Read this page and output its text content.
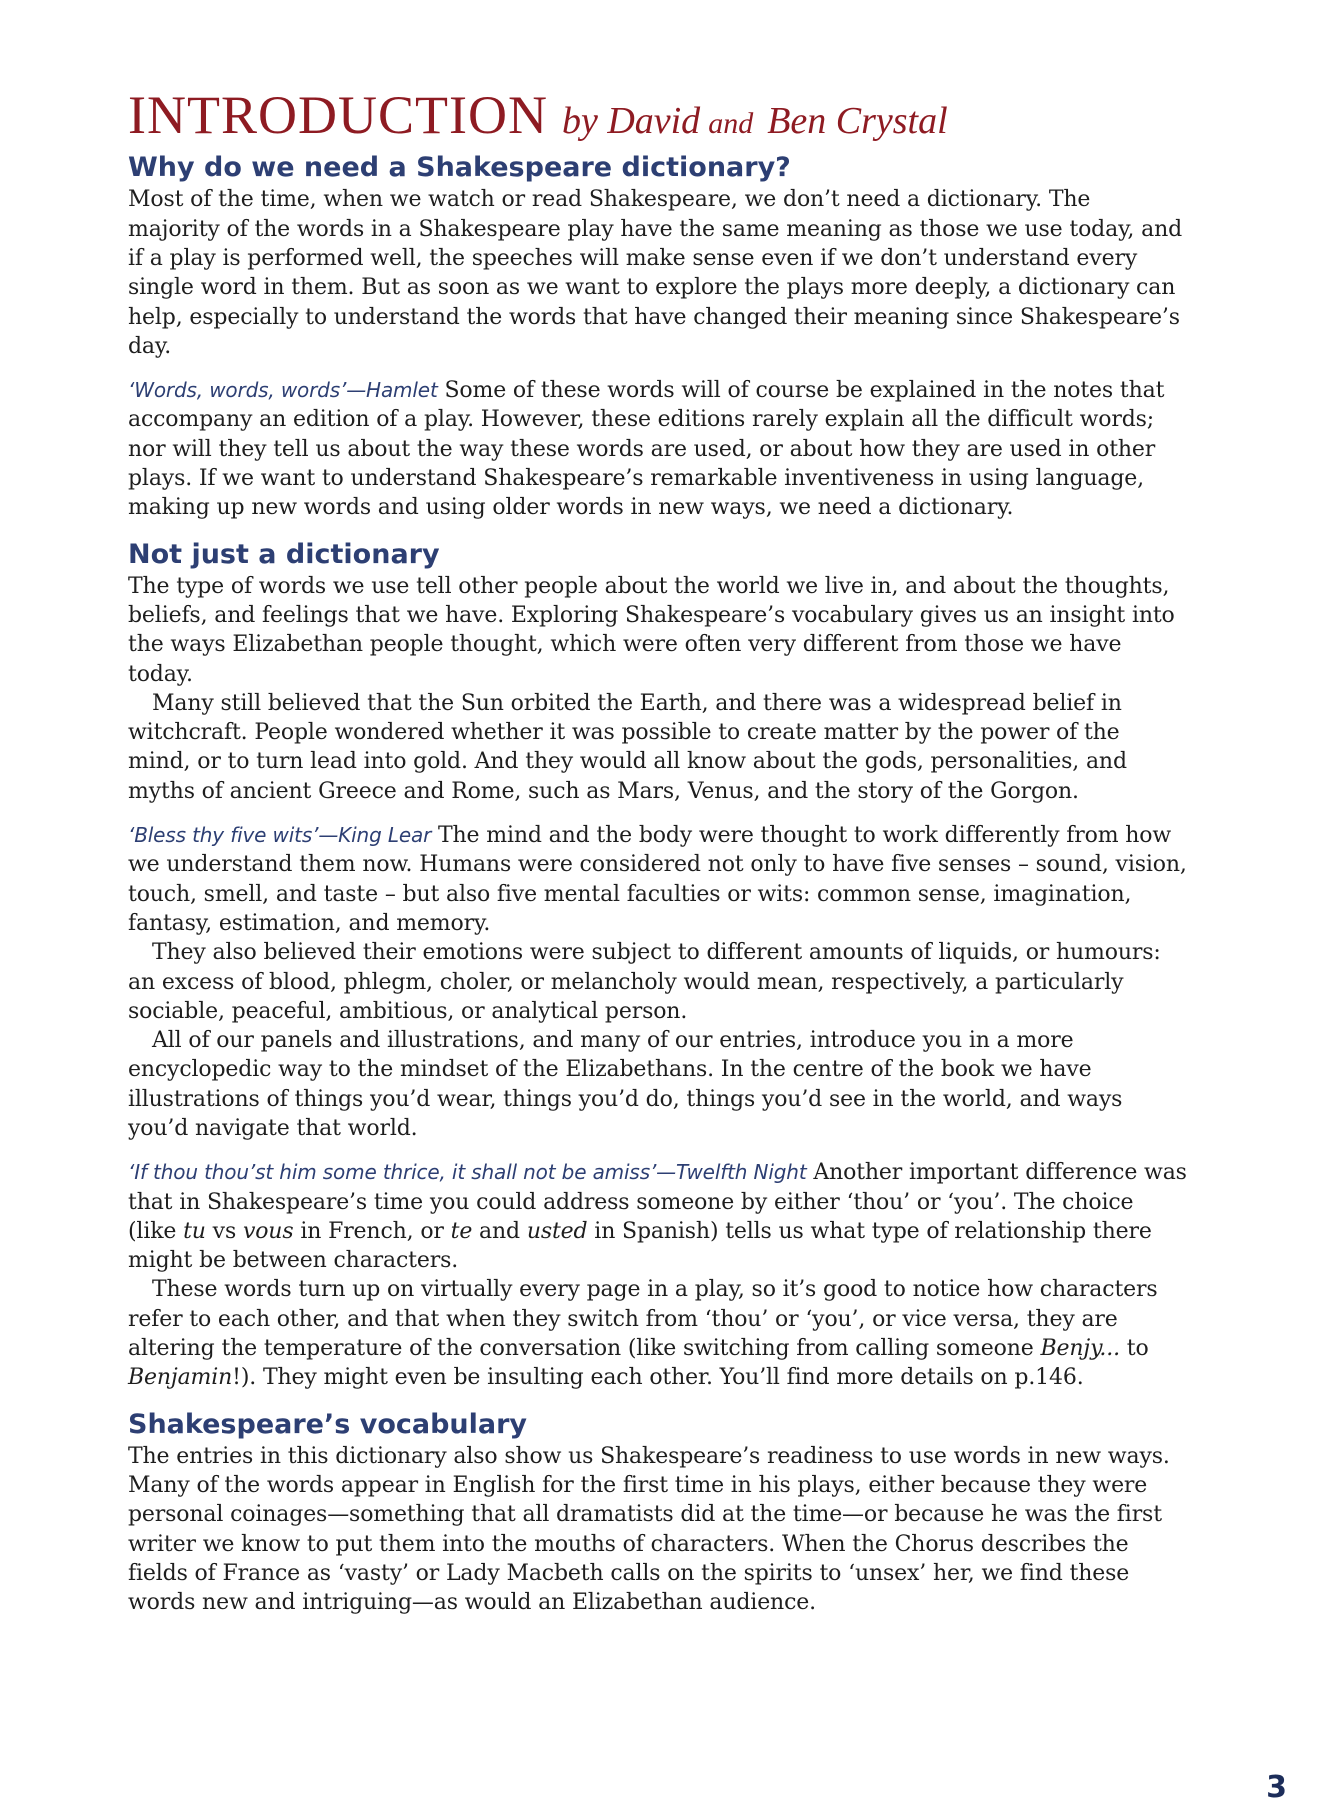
INTRODUCTION by David and Ben Crystal
Why do we need a Shakespeare dictionary?

Most of the time, when we watch or read Shakespeare, we don’t need a dictionary. The majority of the words in a Shakespeare play have the same meaning as those we use today, and if a play is performed well, the speeches will make sense even if we don’t understand every single word in them. But as soon as we want to explore the plays more deeply, a dictionary can help, especially to understand the words that have changed their meaning since Shakespeare’s day.

‘Words, words, words’—Hamlet Some of these words will of course be explained in the notes that accompany an edition of a play. However, these editions rarely explain all the difficult words; nor will they tell us about the way these words are used, or about how they are used in other plays. If we want to understand Shakespeare’s remarkable inventiveness in using language, making up new words and using older words in new ways, we need a dictionary.

Not just a dictionary

The type of words we use tell other people about the world we live in, and about the thoughts, beliefs, and feelings that we have. Exploring Shakespeare’s vocabulary gives us an insight into the ways Elizabethan people thought, which were often very different from those we have today.

Many still believed that the Sun orbited the Earth, and there was a widespread belief in witchcraft. People wondered whether it was possible to create matter by the power of the mind, or to turn lead into gold. And they would all know about the gods, personalities, and myths of ancient Greece and Rome, such as Mars, Venus, and the story of the Gorgon.

‘Bless thy five wits’—King Lear The mind and the body were thought to work differently from how we understand them now. Humans were considered not only to have five senses – sound, vision, touch, smell, and taste – but also five mental faculties or wits: common sense, imagination, fantasy, estimation, and memory.

They also believed their emotions were subject to different amounts of liquids, or humours: an excess of blood, phlegm, choler, or melancholy would mean, respectively, a particularly sociable, peaceful, ambitious, or analytical person.

All of our panels and illustrations, and many of our entries, introduce you in a more encyclopedic way to the mindset of the Elizabethans. In the centre of the book we have illustrations of things you’d wear, things you’d do, things you’d see in the world, and ways you’d navigate that world.

‘If thou thou’st him some thrice, it shall not be amiss’—Twelfth Night Another important difference was that in Shakespeare’s time you could address someone by either ‘thou’ or ‘you’. The choice (like tu vs vous in French, or te and usted in Spanish) tells us what type of relationship there might be between characters.

These words turn up on virtually every page in a play, so it’s good to notice how characters refer to each other, and that when they switch from ‘thou’ or ‘you’, or vice versa, they are altering the temperature of the conversation (like switching from calling someone Benjy... to Benjamin!). They might even be insulting each other. You’ll find more details on p.146.

Shakespeare’s vocabulary

The entries in this dictionary also show us Shakespeare’s readiness to use words in new ways. Many of the words appear in English for the first time in his plays, either because they were personal coinages—something that all dramatists did at the time—or because he was the first writer we know to put them into the mouths of characters. When the Chorus describes the fields of France as ‘vasty’ or Lady Macbeth calls on the spirits to ‘unsex’ her, we find these words new and intriguing—as would an Elizabethan audience.

3
